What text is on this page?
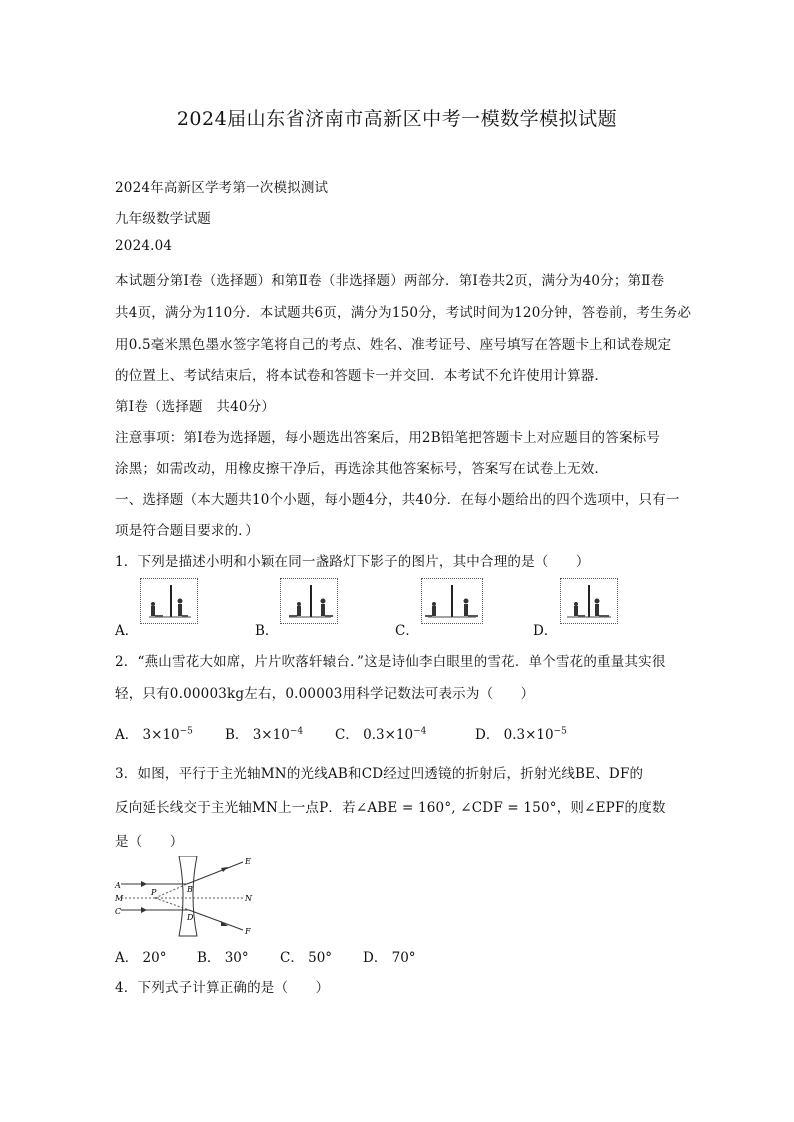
2024届山东省济南市高新区中考一模数学模拟试题
2024年高新区学考第一次模拟测试
九年级数学试题
2024.04
本试题分第Ⅰ卷（选择题）和第Ⅱ卷（非选择题）两部分．第Ⅰ卷共2页，满分为40分；第Ⅱ卷
共4页，满分为110分．本试题共6页，满分为150分，考试时间为120分钟，答卷前，考生务必
用0.5毫米黑色墨水签字笔将自己的考点、姓名、准考证号、座号填写在答题卡上和试卷规定
的位置上、考试结束后，将本试卷和答题卡一并交回．本考试不允许使用计算器．
第Ⅰ卷（选择题　共40分）
注意事项：第Ⅰ卷为选择题，每小题选出答案后，用2B铅笔把答题卡上对应题目的答案标号
涂黑；如需改动，用橡皮擦干净后，再选涂其他答案标号，答案写在试卷上无效．
一、选择题（本大题共10个小题，每小题4分，共40分．在每小题给出的四个选项中，只有一
项是符合题目要求的．）
1．下列是描述小明和小颖在同一盏路灯下影子的图片，其中合理的是（　　）
A．	B．	C．	D．
2．“燕山雪花大如席，片片吹落轩辕台．”这是诗仙李白眼里的雪花．单个雪花的重量其实很
轻，只有0.00003kg左右，0.00003用科学记数法可表示为（　　）
A． $3\times 10^{-5}$ B． $3\times 10^{-4}$ C． $0.3\times 10^{-4}$	D． $0.3\times 10^{-5}$
3．如图，平行于主光轴MN的光线AB和CD经过凹透镜的折射后，折射光线BE、DF的
反向延长线交于主光轴MN上一点P．若∠ABE = 160°, ∠CDF = 150°，则∠EPF的度数
是（　　）
A
M
C
P	B
D
N
E
F
A． 20° B． 30° C． 50° D． 70°
4．下列式子计算正确的是（　　）
